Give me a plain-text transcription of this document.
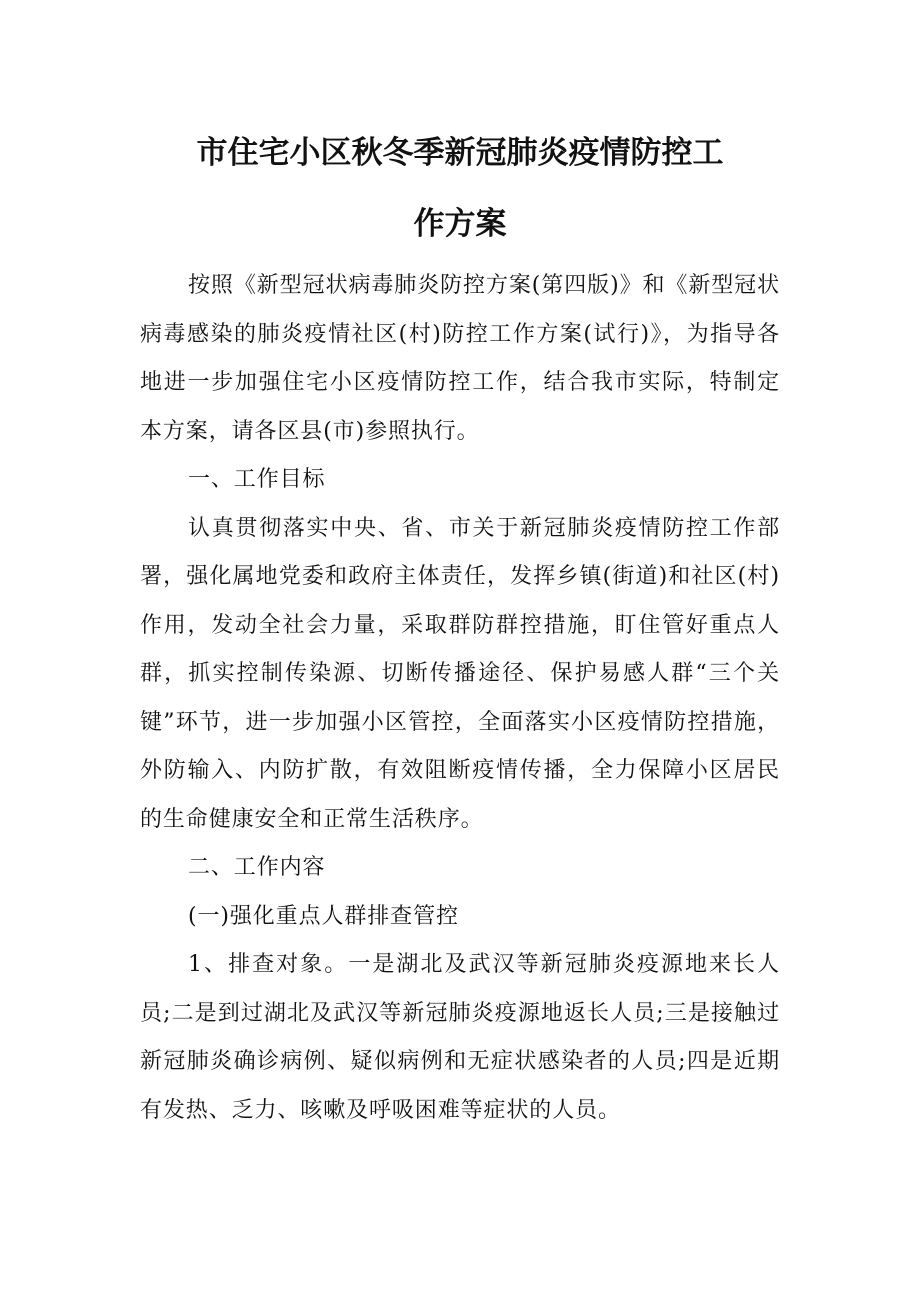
市住宅小区秋冬季新冠肺炎疫情防控工
作方案

按照《新型冠状病毒肺炎防控方案(第四版)》和《新型冠状病毒感染的肺炎疫情社区(村)防控工作方案(试行)》，为指导各地进一步加强住宅小区疫情防控工作，结合我市实际，特制定本方案，请各区县(市)参照执行。

一、工作目标

认真贯彻落实中央、省、市关于新冠肺炎疫情防控工作部署，强化属地党委和政府主体责任，发挥乡镇(街道)和社区(村)作用，发动全社会力量，采取群防群控措施，盯住管好重点人群，抓实控制传染源、切断传播途径、保护易感人群“三个关键”环节，进一步加强小区管控，全面落实小区疫情防控措施，外防输入、内防扩散，有效阻断疫情传播，全力保障小区居民的生命健康安全和正常生活秩序。

二、工作内容

(一)强化重点人群排查管控

1、排查对象。一是湖北及武汉等新冠肺炎疫源地来长人员;二是到过湖北及武汉等新冠肺炎疫源地返长人员;三是接触过新冠肺炎确诊病例、疑似病例和无症状感染者的人员;四是近期有发热、乏力、咳嗽及呼吸困难等症状的人员。
